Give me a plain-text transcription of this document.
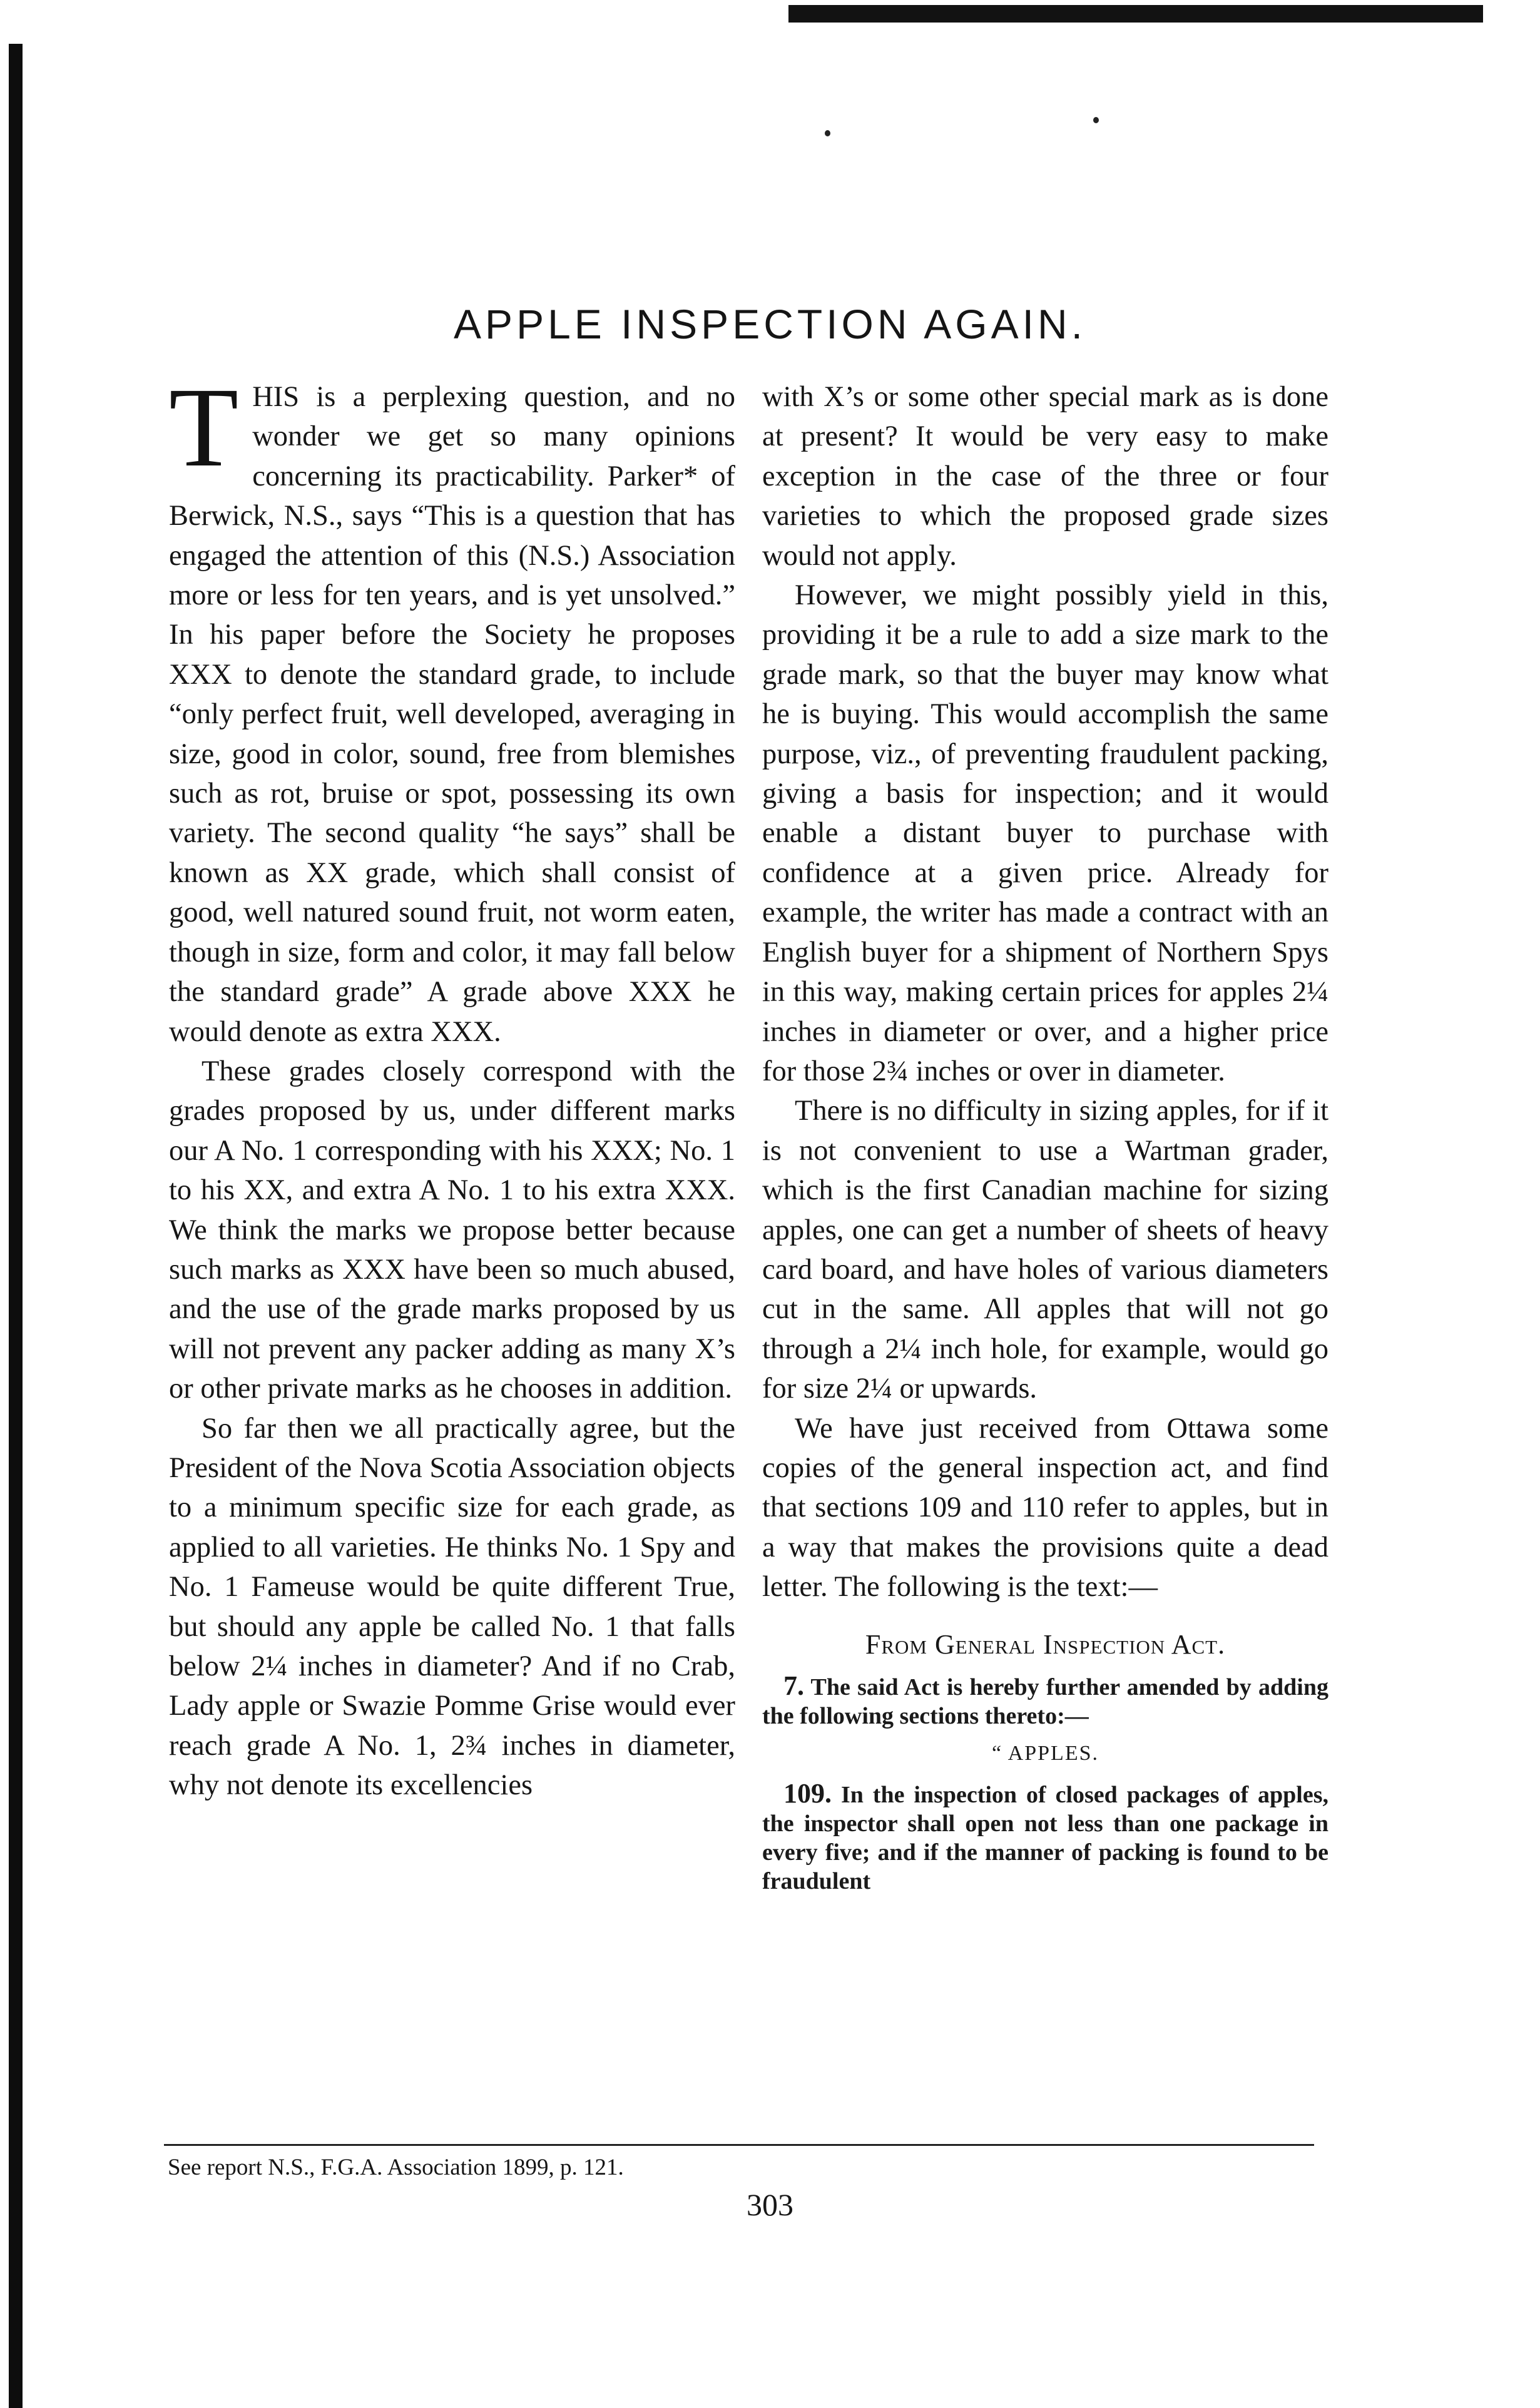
APPLE INSPECTION AGAIN.

THIS is a perplexing question, and no wonder we get so many opinions concerning its practicability. Parker* of Berwick, N.S., says “This is a question that has engaged the attention of this (N.S.) Association more or less for ten years, and is yet unsolved.” In his paper before the Society he proposes XXX to denote the standard grade, to include “only perfect fruit, well developed, averaging in size, good in color, sound, free from blemishes such as rot, bruise or spot, possessing its own variety. The second quality “he says” shall be known as XX grade, which shall consist of good, well natured sound fruit, not worm eaten, though in size, form and color, it may fall below the standard grade” A grade above XXX he would denote as extra XXX.

These grades closely correspond with the grades proposed by us, under different marks our A No. 1 corresponding with his XXX; No. 1 to his XX, and extra A No. 1 to his extra XXX. We think the marks we propose better because such marks as XXX have been so much abused, and the use of the grade marks proposed by us will not prevent any packer adding as many X’s or other private marks as he chooses in addition.

So far then we all practically agree, but the President of the Nova Scotia Association objects to a minimum specific size for each grade, as applied to all varieties. He thinks No. 1 Spy and No. 1 Fameuse would be quite different True, but should any apple be called No. 1 that falls below 2¼ inches in diameter? And if no Crab, Lady apple or Swazie Pomme Grise would ever reach grade A No. 1, 2¾ inches in diameter, why not denote its excellencies

with X’s or some other special mark as is done at present? It would be very easy to make exception in the case of the three or four varieties to which the proposed grade sizes would not apply.

However, we might possibly yield in this, providing it be a rule to add a size mark to the grade mark, so that the buyer may know what he is buying. This would accomplish the same purpose, viz., of preventing fraudulent packing, giving a basis for inspection; and it would enable a distant buyer to purchase with confidence at a given price. Already for example, the writer has made a contract with an English buyer for a shipment of Northern Spys in this way, making certain prices for apples 2¼ inches in diameter or over, and a higher price for those 2¾ inches or over in diameter.

There is no difficulty in sizing apples, for if it is not convenient to use a Wartman grader, which is the first Canadian machine for sizing apples, one can get a number of sheets of heavy card board, and have holes of various diameters cut in the same. All apples that will not go through a 2¼ inch hole, for example, would go for size 2¼ or upwards.

We have just received from Ottawa some copies of the general inspection act, and find that sections 109 and 110 refer to apples, but in a way that makes the provisions quite a dead letter. The following is the text:—

From General Inspection Act.

7. The said Act is hereby further amended by adding the following sections thereto:—

“ APPLES.

109. In the inspection of closed packages of apples, the inspector shall open not less than one package in every five; and if the manner of packing is found to be fraudulent

See report N.S., F.G.A. Association 1899, p. 121.
303
